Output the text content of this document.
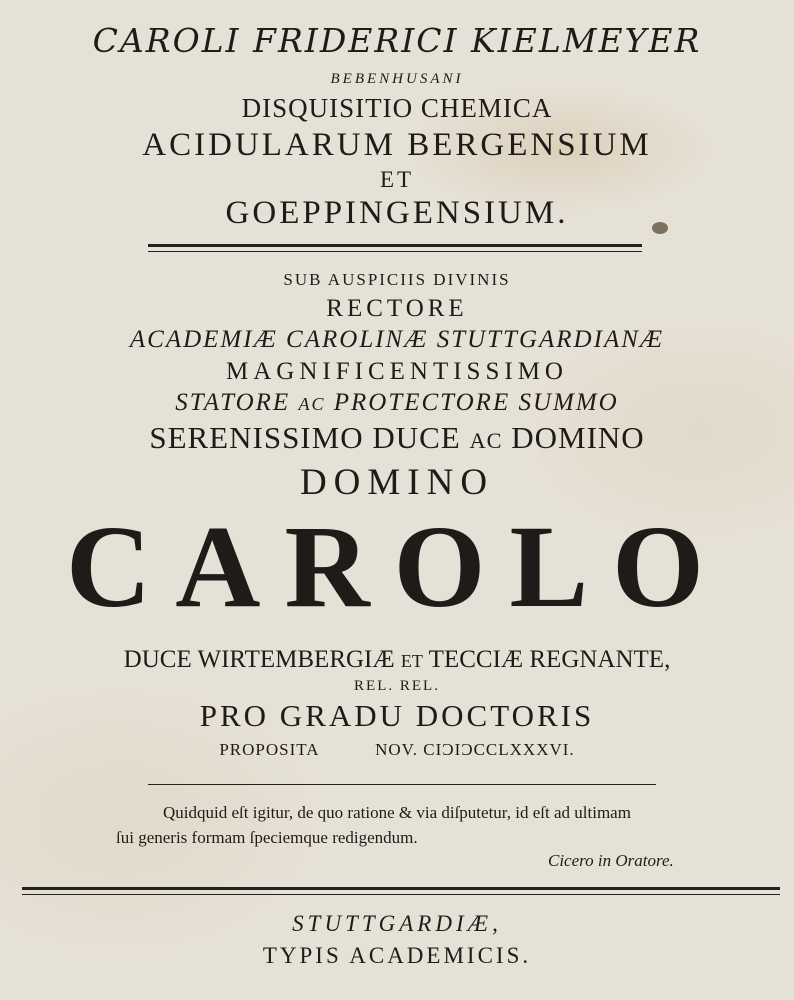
CAROLI FRIDERICI KIELMEYER
BEBENHUSANI
DISQUISITIO CHEMICA
ACIDULARUM BERGENSIUM
ET
GOEPPINGENSIUM.
SUB AUSPICIIS DIVINIS
RECTORE
ACADEMIÆ CAROLINÆ STUTTGARDIANÆ
MAGNIFICENTISSIMO
STATORE AC PROTECTORE SUMMO
SERENISSIMO DUCE AC DOMINO
DOMINO
CAROLO
DUCE WIRTEMBERGIÆ ET TECCIÆ REGNANTE,
REL. REL.
PRO GRADU DOCTORIS
PROPOSITA	NOV. CIƆIƆCCLXXXVI.
Quidquid eſt igitur, de quo ratione & via diſputetur, id eſt ad ultimam
ſui generis formam ſpeciemque redigendum.
Cicero in Oratore.
STUTTGARDIÆ,
TYPIS ACADEMICIS.
